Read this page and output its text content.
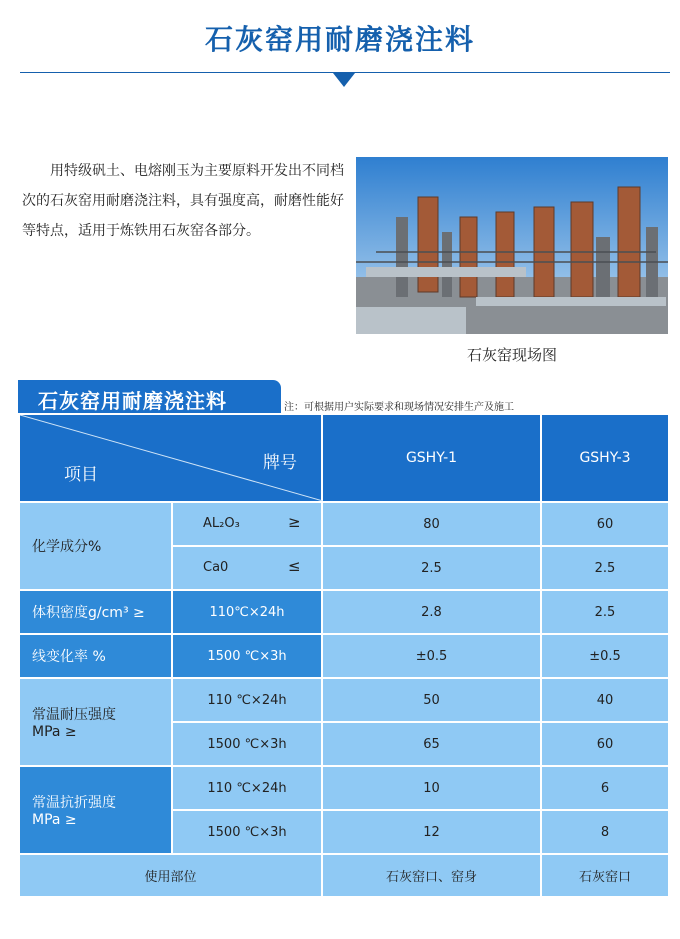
石灰窑用耐磨浇注料
用特级矾土、电熔刚玉为主要原料开发出不同档次的石灰窑用耐磨浇注料，具有强度高，耐磨性能好等特点，适用于炼铁用石灰窑各部分。
石灰窑现场图
石灰窑用耐磨浇注料	注：可根据用户实际要求和现场情况安排生产及施工
项目
牌号		GSHY-1	GSHY-3
化学成分%	AL₂O₃ ≥	80	60

	Ca0 ≤	2.5	2.5
体积密度g/cm³ ≥	110℃×24h	2.8	2.5
线变化率 %	1500 ℃×3h	±0.5	±0.5

常温耐压强度
MPa ≥	110 ℃×24h	50	40
	1500 ℃×3h	65	60

常温抗折强度
MPa ≥	110 ℃×24h	10	6
	1500 ℃×3h	12	8
使用部位		石灰窑口、窑身	石灰窑口
